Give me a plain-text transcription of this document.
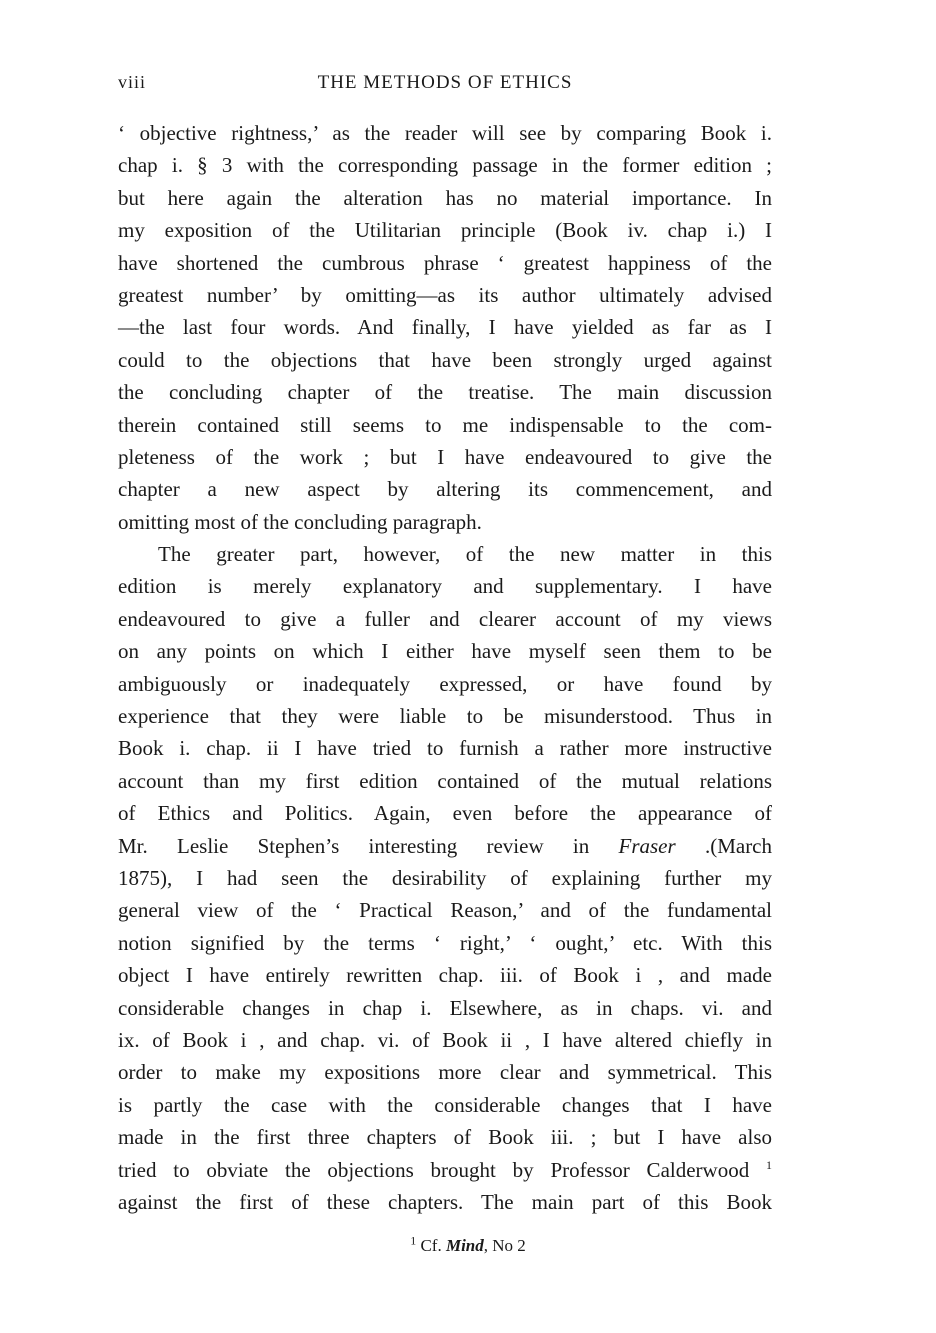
viii	THE METHODS OF ETHICS
‘ objective rightness,’ as the reader will see by comparing Book i.
chap i. § 3 with the corresponding passage in the former edition ;
but here again the alteration has no material importance. In
my exposition of the Utilitarian principle (Book iv. chap i.) I
have shortened the cumbrous phrase ‘ greatest happiness of the
greatest number’ by omitting—as its author ultimately advised
—the last four words. And finally, I have yielded as far as I
could to the objections that have been strongly urged against
the concluding chapter of the treatise. The main discussion
therein contained still seems to me indispensable to the com-
pleteness of the work ; but I have endeavoured to give the
chapter a new aspect by altering its commencement, and
omitting most of the concluding paragraph.
The greater part, however, of the new matter in this
edition is merely explanatory and supplementary. I have
endeavoured to give a fuller and clearer account of my views
on any points on which I either have myself seen them to be
ambiguously or inadequately expressed, or have found by
experience that they were liable to be misunderstood. Thus in
Book i. chap. ii I have tried to furnish a rather more instructive
account than my first edition contained of the mutual relations
of Ethics and Politics. Again, even before the appearance of
Mr. Leslie Stephen’s interesting review in Fraser .(March
1875), I had seen the desirability of explaining further my
general view of the ‘ Practical Reason,’ and of the fundamental
notion signified by the terms ‘ right,’ ‘ ought,’ etc. With this
object I have entirely rewritten chap. iii. of Book i , and made
considerable changes in chap i. Elsewhere, as in chaps. vi. and
ix. of Book i , and chap. vi. of Book ii , I have altered chiefly in
order to make my expositions more clear and symmetrical. This
is partly the case with the considerable changes that I have
made in the first three chapters of Book iii. ; but I have also
tried to obviate the objections brought by Professor Calderwood $^1$
against the first of these chapters. The main part of this Book
$^1$ Cf. Mind, No 2
